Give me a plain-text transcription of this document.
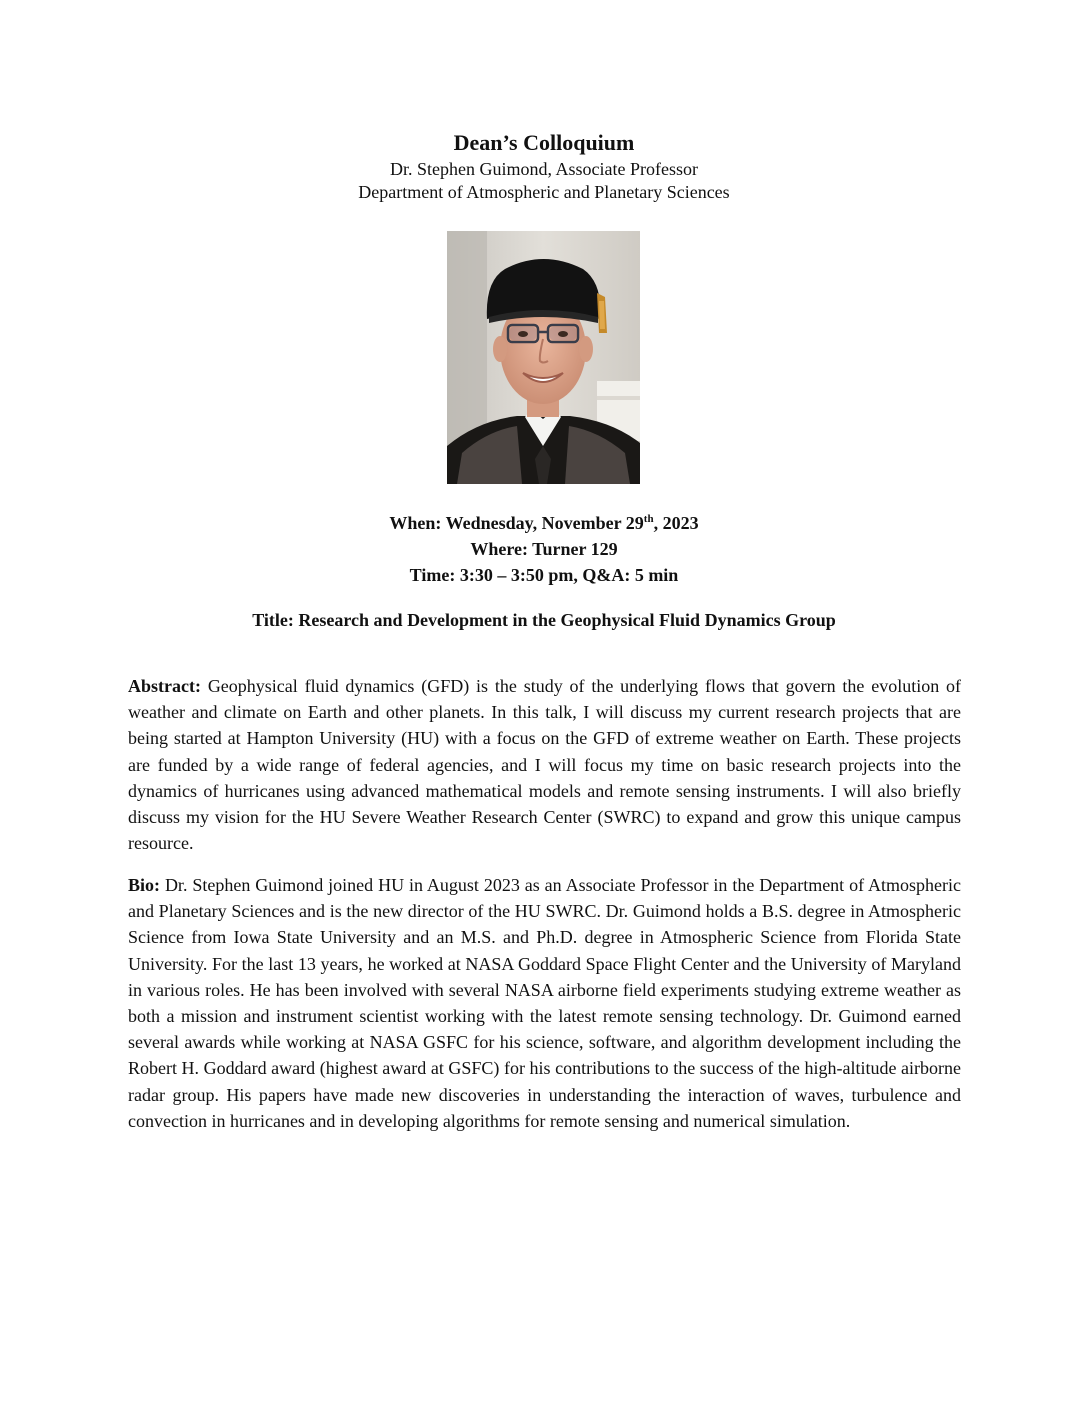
Dean’s Colloquium
Dr. Stephen Guimond, Associate Professor
Department of Atmospheric and Planetary Sciences
When: Wednesday, November 29th, 2023
Where: Turner 129
Time: 3:30 – 3:50 pm, Q&A: 5 min
Title: Research and Development in the Geophysical Fluid Dynamics Group
Abstract: Geophysical fluid dynamics (GFD) is the study of the underlying flows that govern the evolution of weather and climate on Earth and other planets. In this talk, I will discuss my current research projects that are being started at Hampton University (HU) with a focus on the GFD of extreme weather on Earth. These projects are funded by a wide range of federal agencies, and I will focus my time on basic research projects into the dynamics of hurricanes using advanced mathematical models and remote sensing instruments. I will also briefly discuss my vision for the HU Severe Weather Research Center (SWRC) to expand and grow this unique campus resource.
Bio: Dr. Stephen Guimond joined HU in August 2023 as an Associate Professor in the Department of Atmospheric and Planetary Sciences and is the new director of the HU SWRC. Dr. Guimond holds a B.S. degree in Atmospheric Science from Iowa State University and an M.S. and Ph.D. degree in Atmospheric Science from Florida State University. For the last 13 years, he worked at NASA Goddard Space Flight Center and the University of Maryland in various roles. He has been involved with several NASA airborne field experiments studying extreme weather as both a mission and instrument scientist working with the latest remote sensing technology. Dr. Guimond earned several awards while working at NASA GSFC for his science, software, and algorithm development including the Robert H. Goddard award (highest award at GSFC) for his contributions to the success of the high-altitude airborne radar group. His papers have made new discoveries in understanding the interaction of waves, turbulence and convection in hurricanes and in developing algorithms for remote sensing and numerical simulation.
